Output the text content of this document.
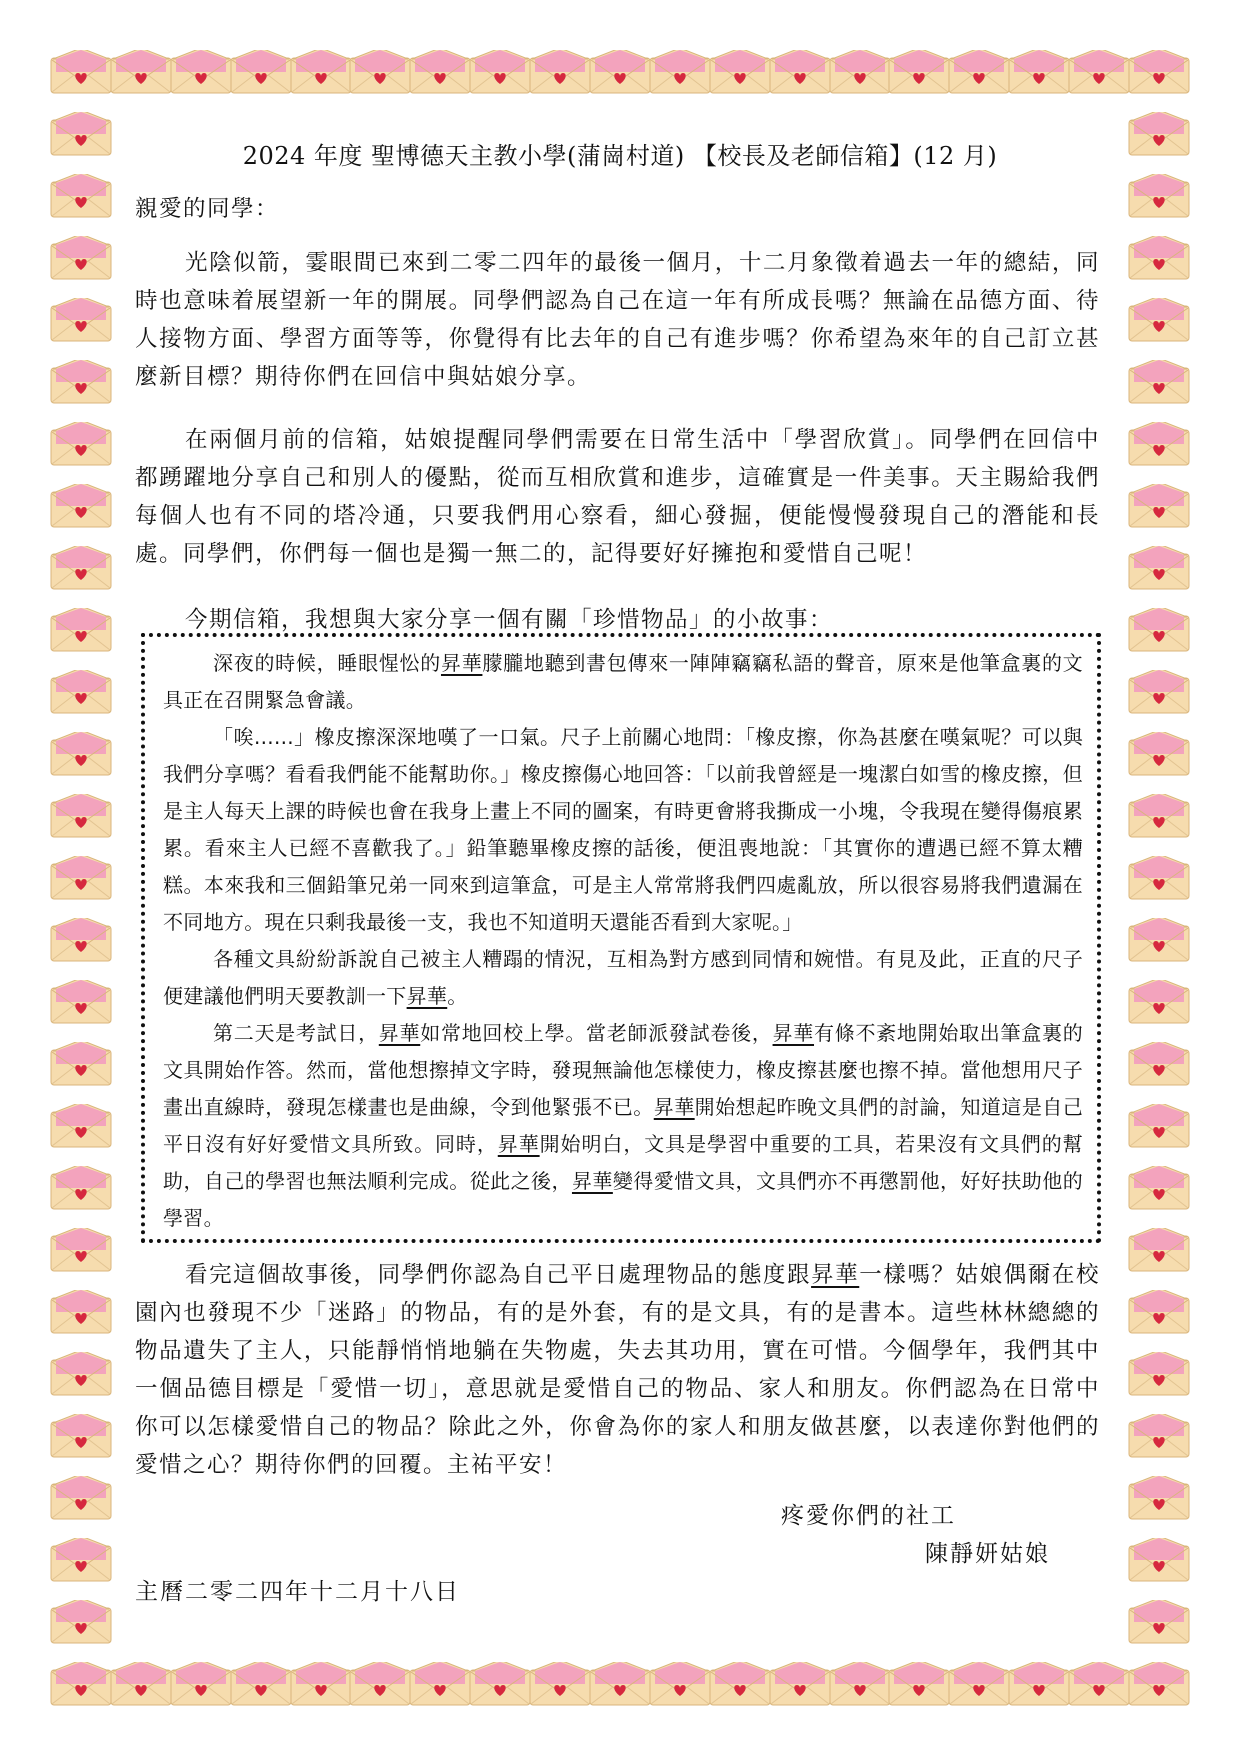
2024 年度 聖博德天主教小學(蒲崗村道) 【校長及老師信箱】(12 月)
親愛的同學：

光陰似箭，霎眼間已來到二零二四年的最後一個月，十二月象徵着過去一年的總結，同時也意味着展望新一年的開展。同學們認為自己在這一年有所成長嗎？無論在品德方面、待人接物方面、學習方面等等，你覺得有比去年的自己有進步嗎？你希望為來年的自己訂立甚麼新目標？期待你們在回信中與姑娘分享。

在兩個月前的信箱，姑娘提醒同學們需要在日常生活中「學習欣賞」。同學們在回信中都踴躍地分享自己和別人的優點，從而互相欣賞和進步，這確實是一件美事。天主賜給我們每個人也有不同的塔冷通，只要我們用心察看，細心發掘，便能慢慢發現自己的潛能和長處。同學們，你們每一個也是獨一無二的，記得要好好擁抱和愛惜自己呢！

今期信箱，我想與大家分享一個有關「珍惜物品」的小故事：

深夜的時候，睡眼惺忪的昇華朦朧地聽到書包傳來一陣陣竊竊私語的聲音，原來是他筆盒裏的文具正在召開緊急會議。

「唉......」橡皮擦深深地嘆了一口氣。尺子上前關心地問：「橡皮擦，你為甚麼在嘆氣呢？可以與我們分享嗎？看看我們能不能幫助你。」橡皮擦傷心地回答：「以前我曾經是一塊潔白如雪的橡皮擦，但是主人每天上課的時候也會在我身上畫上不同的圖案，有時更會將我撕成一小塊，令我現在變得傷痕累累。看來主人已經不喜歡我了。」鉛筆聽畢橡皮擦的話後，便沮喪地說：「其實你的遭遇已經不算太糟糕。本來我和三個鉛筆兄弟一同來到這筆盒，可是主人常常將我們四處亂放，所以很容易將我們遺漏在不同地方。現在只剩我最後一支，我也不知道明天還能否看到大家呢。」

各種文具紛紛訴說自己被主人糟蹋的情況，互相為對方感到同情和婉惜。有見及此，正直的尺子便建議他們明天要教訓一下昇華。

第二天是考試日，昇華如常地回校上學。當老師派發試卷後，昇華有條不紊地開始取出筆盒裏的文具開始作答。然而，當他想擦掉文字時，發現無論他怎樣使力，橡皮擦甚麼也擦不掉。當他想用尺子畫出直線時，發現怎樣畫也是曲線，令到他緊張不已。昇華開始想起昨晚文具們的討論，知道這是自己平日沒有好好愛惜文具所致。同時，昇華開始明白，文具是學習中重要的工具，若果沒有文具們的幫助，自己的學習也無法順利完成。從此之後，昇華變得愛惜文具，文具們亦不再懲罰他，好好扶助他的學習。

看完這個故事後，同學們你認為自己平日處理物品的態度跟昇華一樣嗎？姑娘偶爾在校園內也發現不少「迷路」的物品，有的是外套，有的是文具，有的是書本。這些林林總總的物品遺失了主人，只能靜悄悄地躺在失物處，失去其功用，實在可惜。今個學年，我們其中一個品德目標是「愛惜一切」，意思就是愛惜自己的物品、家人和朋友。你們認為在日常中你可以怎樣愛惜自己的物品？除此之外，你會為你的家人和朋友做甚麼，以表達你對他們的愛惜之心？期待你們的回覆。主祐平安！

疼愛你們的社工
陳靜妍姑娘
主曆二零二四年十二月十八日
